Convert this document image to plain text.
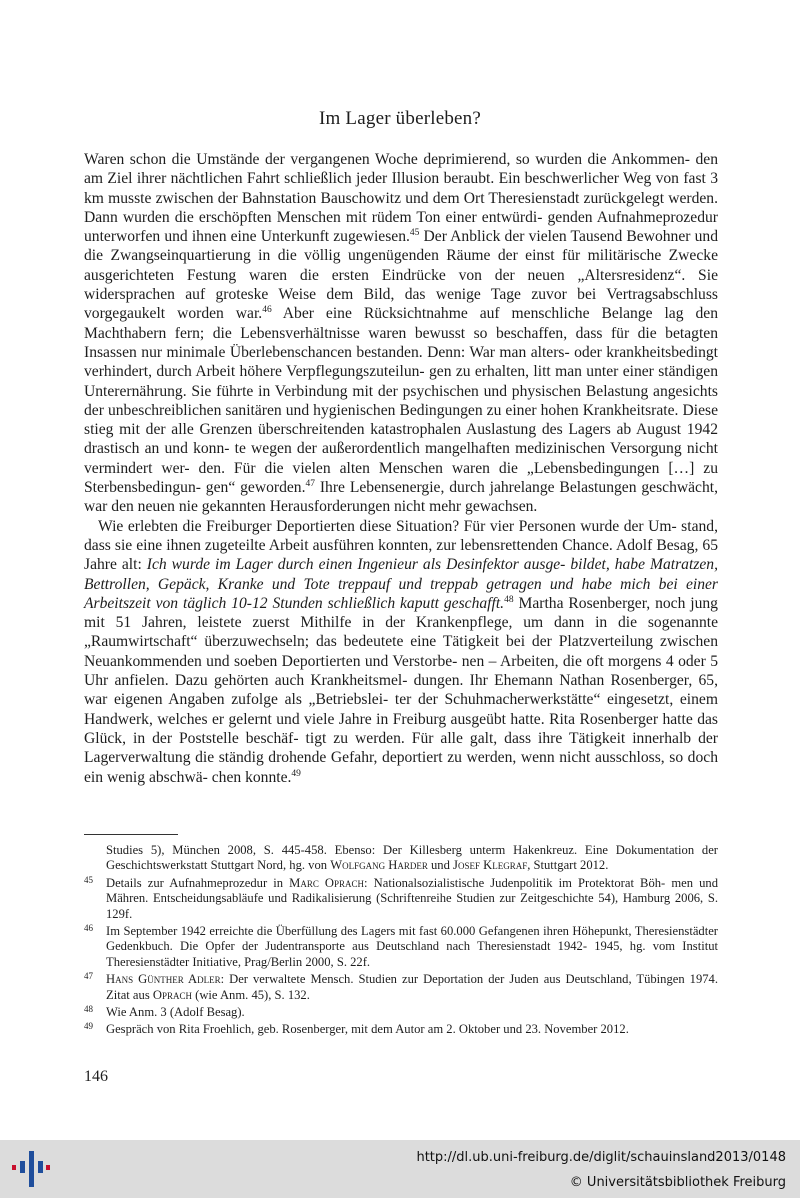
Im Lager überleben?

Waren schon die Umstände der vergangenen Woche deprimierend, so wurden die Ankommen- den am Ziel ihrer nächtlichen Fahrt schließlich jeder Illusion beraubt. Ein beschwerlicher Weg von fast 3 km musste zwischen der Bahnstation Bauschowitz und dem Ort Theresienstadt zurückgelegt werden. Dann wurden die erschöpften Menschen mit rüdem Ton einer entwürdi- genden Aufnahmeprozedur unterworfen und ihnen eine Unterkunft zugewiesen.$^{45}$ Der Anblick der vielen Tausend Bewohner und die Zwangseinquartierung in die völlig ungenügenden Räume der einst für militärische Zwecke ausgerichteten Festung waren die ersten Eindrücke von der neuen „Altersresidenz“. Sie widersprachen auf groteske Weise dem Bild, das wenige Tage zuvor bei Vertragsabschluss vorgegaukelt worden war.$^{46}$ Aber eine Rücksichtnahme auf menschliche Belange lag den Machthabern fern; die Lebensverhältnisse waren bewusst so beschaffen, dass für die betagten Insassen nur minimale Überlebenschancen bestanden. Denn: War man alters- oder krankheitsbedingt verhindert, durch Arbeit höhere Verpflegungszuteilun- gen zu erhalten, litt man unter einer ständigen Unterernährung. Sie führte in Verbindung mit der psychischen und physischen Belastung angesichts der unbeschreiblichen sanitären und hygienischen Bedingungen zu einer hohen Krankheitsrate. Diese stieg mit der alle Grenzen überschreitenden katastrophalen Auslastung des Lagers ab August 1942 drastisch an und konn- te wegen der außerordentlich mangelhaften medizinischen Versorgung nicht vermindert wer- den. Für die vielen alten Menschen waren die „Lebensbedingungen […] zu Sterbensbedingun- gen“ geworden.$^{47}$ Ihre Lebensenergie, durch jahrelange Belastungen geschwächt, war den neuen nie gekannten Herausforderungen nicht mehr gewachsen.

Wie erlebten die Freiburger Deportierten diese Situation? Für vier Personen wurde der Um- stand, dass sie eine ihnen zugeteilte Arbeit ausführen konnten, zur lebensrettenden Chance. Adolf Besag, 65 Jahre alt: Ich wurde im Lager durch einen Ingenieur als Desinfektor ausge- bildet, habe Matratzen, Bettrollen, Gepäck, Kranke und Tote treppauf und treppab getragen und habe mich bei einer Arbeitszeit von täglich 10-12 Stunden schließlich kaputt geschafft.$^{48}$ Martha Rosenberger, noch jung mit 51 Jahren, leistete zuerst Mithilfe in der Krankenpflege, um dann in die sogenannte „Raumwirtschaft“ überzuwechseln; das bedeutete eine Tätigkeit bei der Platzverteilung zwischen Neuankommenden und soeben Deportierten und Verstorbe- nen – Arbeiten, die oft morgens 4 oder 5 Uhr anfielen. Dazu gehörten auch Krankheitsmel- dungen. Ihr Ehemann Nathan Rosenberger, 65, war eigenen Angaben zufolge als „Betriebslei- ter der Schuhmacherwerkstätte“ eingesetzt, einem Handwerk, welches er gelernt und viele Jahre in Freiburg ausgeübt hatte. Rita Rosenberger hatte das Glück, in der Poststelle beschäf- tigt zu werden. Für alle galt, dass ihre Tätigkeit innerhalb der Lagerverwaltung die ständig drohende Gefahr, deportiert zu werden, wenn nicht ausschloss, so doch ein wenig abschwä- chen konnte.$^{49}$

Studies 5), München 2008, S. 445-458. Ebenso: Der Killesberg unterm Hakenkreuz. Eine Dokumentation der Geschichtswerkstatt Stuttgart Nord, hg. von Wolfgang Harder und Josef Klegraf, Stuttgart 2012.
45	Details zur Aufnahmeprozedur in Marc Oprach: Nationalsozialistische Judenpolitik im Protektorat Böh- men und Mähren. Entscheidungsabläufe und Radikalisierung (Schriftenreihe Studien zur Zeitgeschichte 54), Hamburg 2006, S. 129f.
46	Im September 1942 erreichte die Überfüllung des Lagers mit fast 60.000 Gefangenen ihren Höhepunkt, Theresienstädter Gedenkbuch. Die Opfer der Judentransporte aus Deutschland nach Theresienstadt 1942- 1945, hg. vom Institut Theresienstädter Initiative, Prag/Berlin 2000, S. 22f.
47	Hans Günther Adler: Der verwaltete Mensch. Studien zur Deportation der Juden aus Deutschland, Tübingen 1974. Zitat aus Oprach (wie Anm. 45), S. 132.
48	Wie Anm. 3 (Adolf Besag).
49	Gespräch von Rita Froehlich, geb. Rosenberger, mit dem Autor am 2. Oktober und 23. November 2012.
146
http://dl.ub.uni-freiburg.de/diglit/schauinsland2013/0148
© Universitätsbibliothek Freiburg
